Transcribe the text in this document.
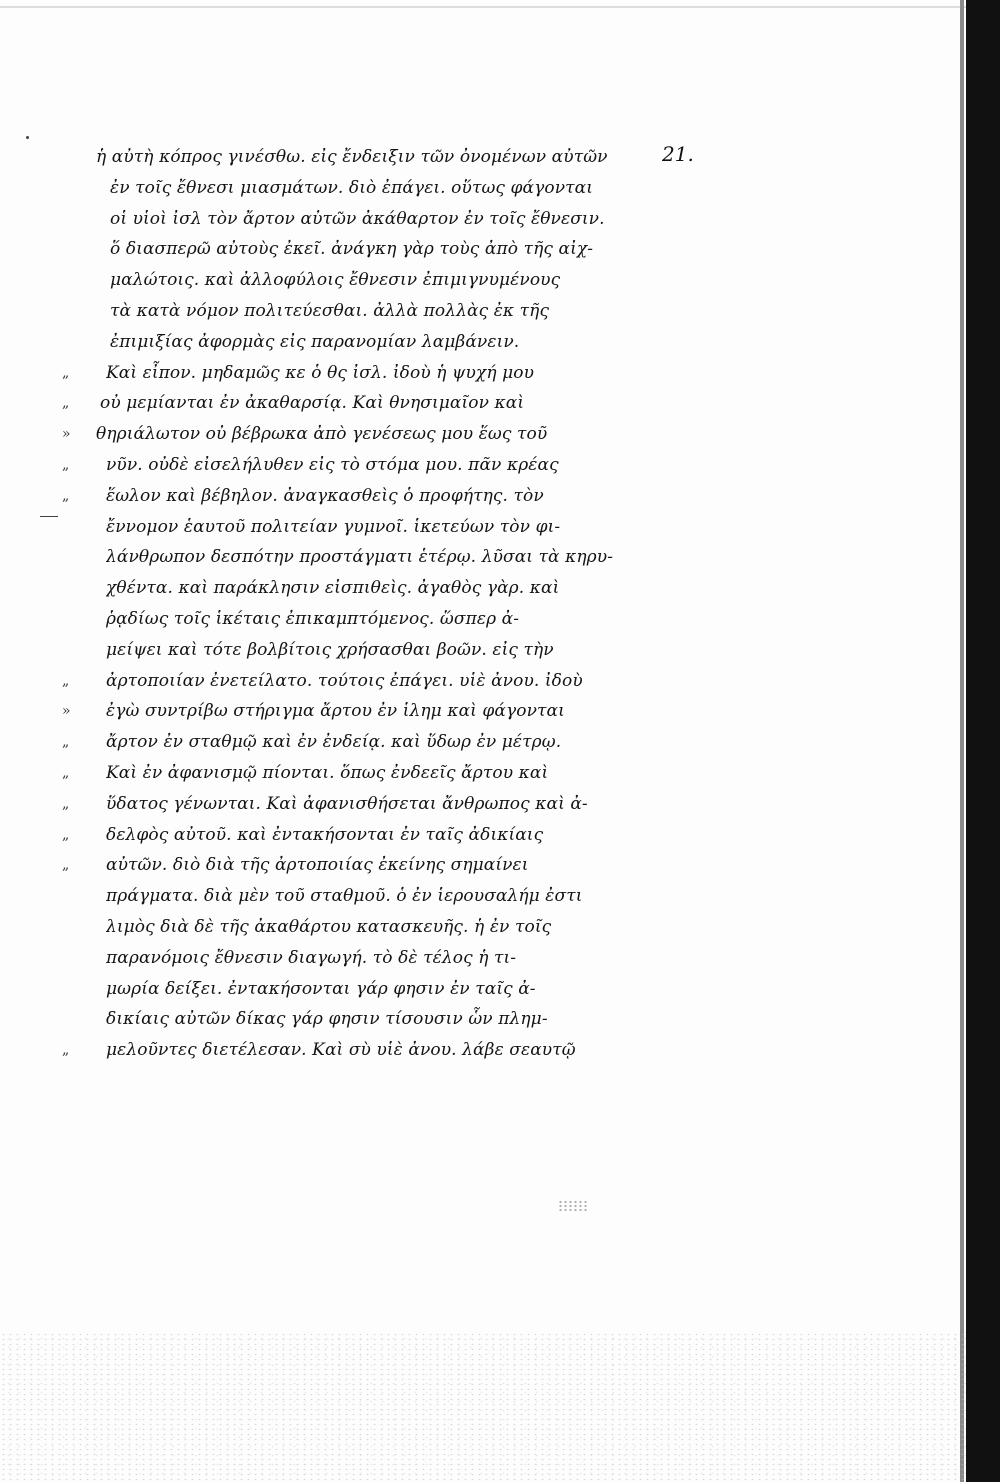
21.
ἡ αὐτὴ κόπρος γινέσθω. εἰς ἔνδειξιν τῶν ὀνομένων αὐτῶν
ἐν τοῖς ἔθνεσι μιασμάτων. διὸ ἐπάγει. οὕτως φάγονται
οἱ υἱοὶ ἰσλ τὸν ἄρτον αὐτῶν ἀκάθαρτον ἐν τοῖς ἔθνεσιν.
ὅ διασπερῶ αὐτοὺς ἐκεῖ. ἀνάγκη γὰρ τοὺς ἀπὸ τῆς αἰχ-
μαλώτοις. καὶ ἀλλοφύλοις ἔθνεσιν ἐπιμιγνυμένους
τὰ κατὰ νόμον πολιτεύεσθαι. ἀλλὰ πολλὰς ἐκ τῆς
ἐπιμιξίας ἀφορμὰς εἰς παρανομίαν λαμβάνειν.
Καὶ εἶπον. μηδαμῶς κε ὁ θς ἰσλ. ἰδοὺ ἡ ψυχή μου
οὐ μεμίανται ἐν ἀκαθαρσίᾳ. Καὶ θνησιμαῖον καὶ
θηριάλωτον οὐ βέβρωκα ἀπὸ γενέσεως μου ἕως τοῦ
νῦν. οὐδὲ εἰσελήλυθεν εἰς τὸ στόμα μου. πᾶν κρέας
ἕωλον καὶ βέβηλον. ἀναγκασθεὶς ὁ προφήτης. τὸν
ἔννομον ἑαυτοῦ πολιτείαν γυμνοῖ. ἱκετεύων τὸν φι-
λάνθρωπον δεσπότην προστάγματι ἑτέρῳ. λῦσαι τὰ κηρυ-
χθέντα. καὶ παράκλησιν εἰσπιθεὶς. ἀγαθὸς γὰρ. καὶ
ῥᾳδίως τοῖς ἱκέταις ἐπικαμπτόμενος. ὥσπερ ἀ-
μείψει καὶ τότε βολβίτοις χρήσασθαι βοῶν. εἰς τὴν
ἀρτοποιίαν ἐνετείλατο. τούτοις ἐπάγει. υἱὲ ἀνου. ἰδοὺ
ἐγὼ συντρίβω στήριγμα ἄρτου ἐν ἱλημ καὶ φάγονται
ἄρτον ἐν σταθμῷ καὶ ἐν ἐνδείᾳ. καὶ ὕδωρ ἐν μέτρῳ.
Καὶ ἐν ἀφανισμῷ πίονται. ὅπως ἐνδεεῖς ἄρτου καὶ
ὕδατος γένωνται. Καὶ ἀφανισθήσεται ἄνθρωπος καὶ ἀ-
δελφὸς αὐτοῦ. καὶ ἐντακήσονται ἐν ταῖς ἀδικίαις
αὐτῶν. διὸ διὰ τῆς ἀρτοποιίας ἐκείνης σημαίνει
πράγματα. διὰ μὲν τοῦ σταθμοῦ. ὁ ἐν ἱερουσαλήμ ἐστι
λιμὸς διὰ δὲ τῆς ἀκαθάρτου κατασκευῆς. ἡ ἐν τοῖς
παρανόμοις ἔθνεσιν διαγωγή. τὸ δὲ τέλος ἡ τι-
μωρία δείξει. ἐντακήσονται γάρ φησιν ἐν ταῖς ἀ-
δικίαις αὐτῶν δίκας γάρ φησιν τίσουσιν ὧν πλημ-
μελοῦντες διετέλεσαν. Καὶ σὺ υἱὲ ἀνου. λάβε σεαυτῷ
„
„
»
„
„
„
»
„
„
„
„
„
„
